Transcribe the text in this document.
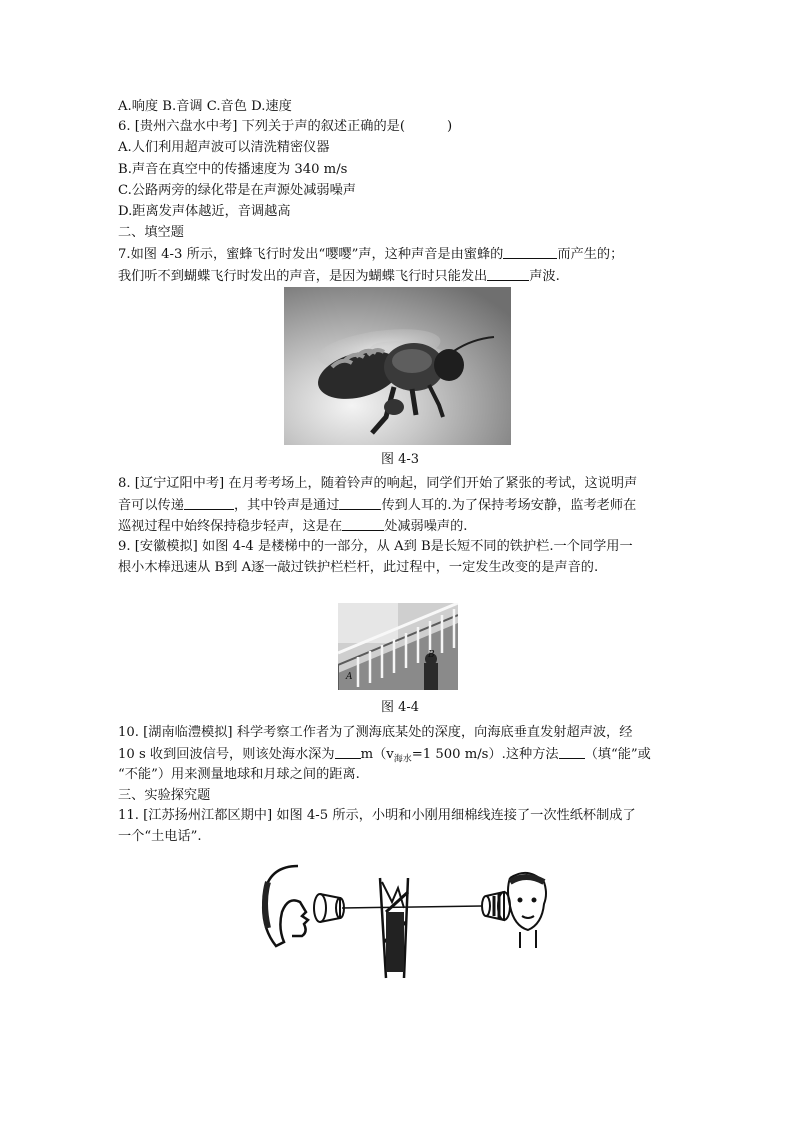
A.响度 B.音调 C.音色 D.速度
6. [贵州六盘水中考] 下列关于声的叙述正确的是(	)
A.人们利用超声波可以清洗精密仪器
B.声音在真空中的传播速度为 340 m/s
C.公路两旁的绿化带是在声源处减弱噪声
D.距离发声体越近，音调越高
二、填空题
7.如图 4-3 所示，蜜蜂飞行时发出“嘤嘤”声，这种声音是由蜜蜂的	而产生的；
我们听不到蝴蝶飞行时发出的声音，是因为蝴蝶飞行时只能发出	声波.
图 4-3
8. [辽宁辽阳中考] 在月考考场上，随着铃声的响起，同学们开始了紧张的考试，这说明声
音可以传递	，其中铃声是通过	传到人耳的.为了保持考场安静，监考老师在
巡视过程中始终保持稳步轻声，这是在	处减弱噪声的.
9. [安徽模拟] 如图 4-4 是楼梯中的一部分，从 A到 B是长短不同的铁护栏.一个同学用一
根小木棒迅速从 B到 A逐一敲过铁护栏栏杆，此过程中，一定发生改变的是声音的.
A
B
图 4-4
10. [湖南临澧模拟] 科学考察工作者为了测海底某处的深度，向海底垂直发射超声波，经
10 s 收到回波信号，则该处海水深为 $m(v_{海水}=1$ 500 m/s）.这种方法 （填“能”或
“不能”）用来测量地球和月球之间的距离.
三、实验探究题
11. [江苏扬州江都区期中] 如图 4-5 所示，小明和小刚用细棉线连接了一次性纸杯制成了
一个“土电话”.
